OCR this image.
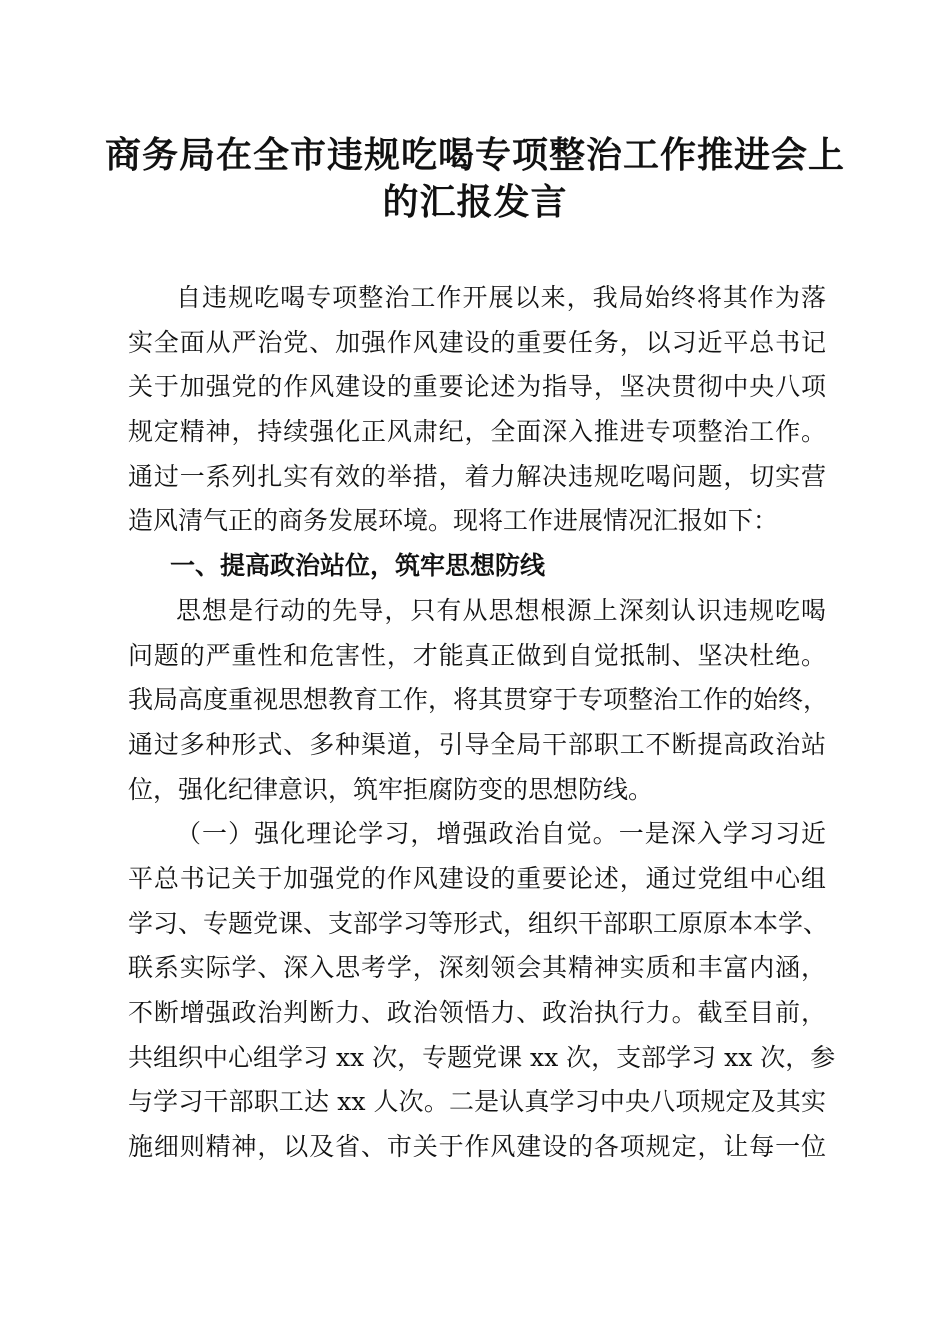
商务局在全市违规吃喝专项整治工作推进会上
的汇报发言
自违规吃喝专项整治工作开展以来，我局始终将其作为落
实全面从严治党、加强作风建设的重要任务，以习近平总书记
关于加强党的作风建设的重要论述为指导，坚决贯彻中央八项
规定精神，持续强化正风肃纪，全面深入推进专项整治工作。
通过一系列扎实有效的举措，着力解决违规吃喝问题，切实营
造风清气正的商务发展环境。现将工作进展情况汇报如下：
一、提高政治站位，筑牢思想防线
思想是行动的先导，只有从思想根源上深刻认识违规吃喝
问题的严重性和危害性，才能真正做到自觉抵制、坚决杜绝。
我局高度重视思想教育工作，将其贯穿于专项整治工作的始终，
通过多种形式、多种渠道，引导全局干部职工不断提高政治站
位，强化纪律意识，筑牢拒腐防变的思想防线。
（一）强化理论学习，增强政治自觉。一是深入学习习近
平总书记关于加强党的作风建设的重要论述，通过党组中心组
学习、专题党课、支部学习等形式，组织干部职工原原本本学、
联系实际学、深入思考学，深刻领会其精神实质和丰富内涵，
不断增强政治判断力、政治领悟力、政治执行力。截至目前，
共组织中心组学习 xx 次，专题党课 xx 次，支部学习 xx 次，参
与学习干部职工达 xx 人次。二是认真学习中央八项规定及其实
施细则精神，以及省、市关于作风建设的各项规定，让每一位
